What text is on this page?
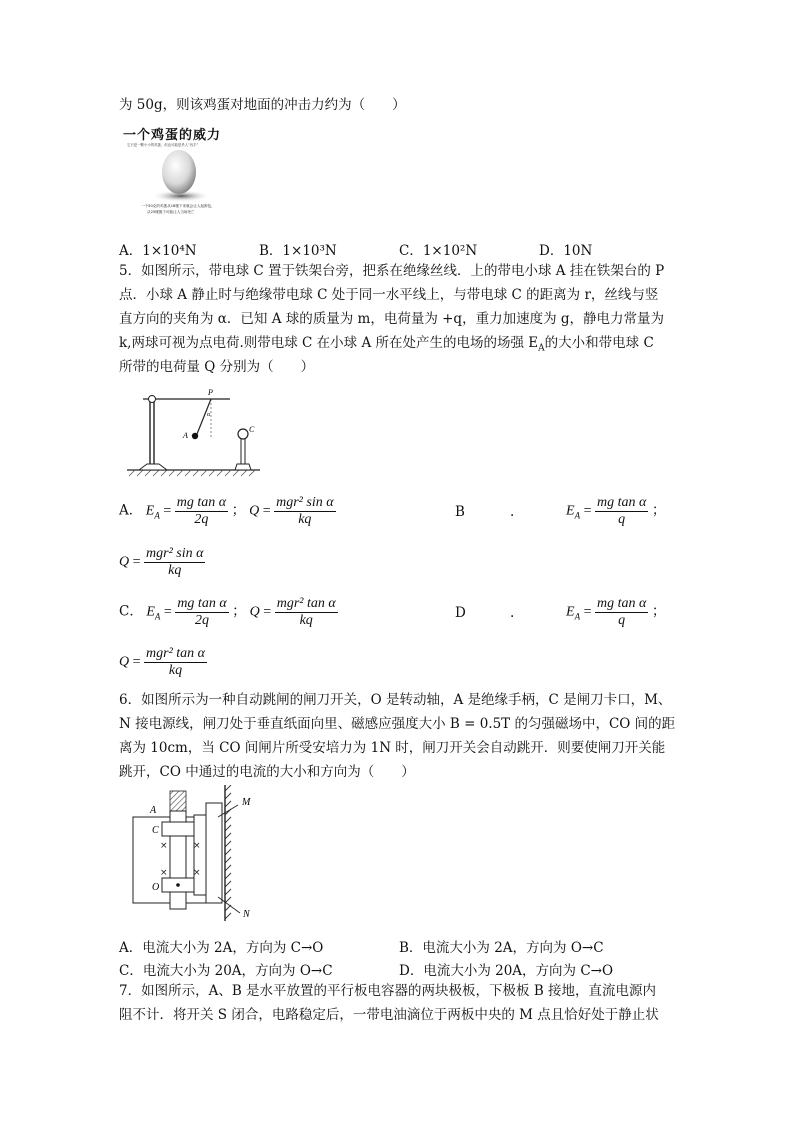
为 50g，则该鸡蛋对地面的冲击力约为（　　）
一个鸡蛋的威力
它只是一颗小小的鸡蛋，但也可能是杀人“凶手”
一个50克的鸡蛋从18楼下来就会让人起肿包，
从25楼抛下可能让人当场死亡
A．1×10⁴N	B．1×10³N	C．1×10²N	D．10N
5．如图所示，带电球 C 置于铁架台旁，把系在绝缘丝线．上的带电小球 A 挂在铁架台的 P
点．小球 A 静止时与绝缘带电球 C 处于同一水平线上，与带电球 C 的距离为 r，丝线与竖
直方向的夹角为 α．已知 A 球的质量为 m，电荷量为 +q，重力加速度为 g，静电力常量为
k,两球可视为点电荷.则带电球 C 在小球 A 所在处产生的电场的场强 $E_A$的大小和带电球 C
所带的电荷量 Q 分别为（　　）
P
α
A
C
A． $E_A = \frac{\text{mg tan α}}{2q}$ ； $Q = \frac{\text{mgr² sin α}}{kq}$	B	.	$E_A = \frac{\text{mg tan α}}{q}$ ；
$Q = \frac{\text{mgr² sin α}}{kq}$
C． $E_A = \frac{\text{mg tan α}}{2q}$ ； $Q = \frac{\text{mgr² tan α}}{kq}$	D	.	$E_A = \frac{\text{mg tan α}}{q}$ ；
$Q = \frac{\text{mgr² tan α}}{kq}$
6．如图所示为一种自动跳闸的闸刀开关，O 是转动轴，A 是绝缘手柄，C 是闸刀卡口，M、
N 接电源线，闸刀处于垂直纸面向里、磁感应强度大小 B = 0.5T 的匀强磁场中，CO 间的距
离为 10cm，当 CO 间闸片所受安培力为 1N 时，闸刀开关会自动跳开．则要使闸刀开关能
跳开，CO 中通过的电流的大小和方向为（　　）
×	×
×	×
A
C
O
M
N
A．电流大小为 2A，方向为 C→O	B．电流大小为 2A，方向为 O→C
C．电流大小为 20A，方向为 O→C	D．电流大小为 20A，方向为 C→O
7．如图所示，A、B 是水平放置的平行板电容器的两块极板，下极板 B 接地，直流电源内
阻不计．将开关 S 闭合，电路稳定后，一带电油滴位于两板中央的 M 点且恰好处于静止状
